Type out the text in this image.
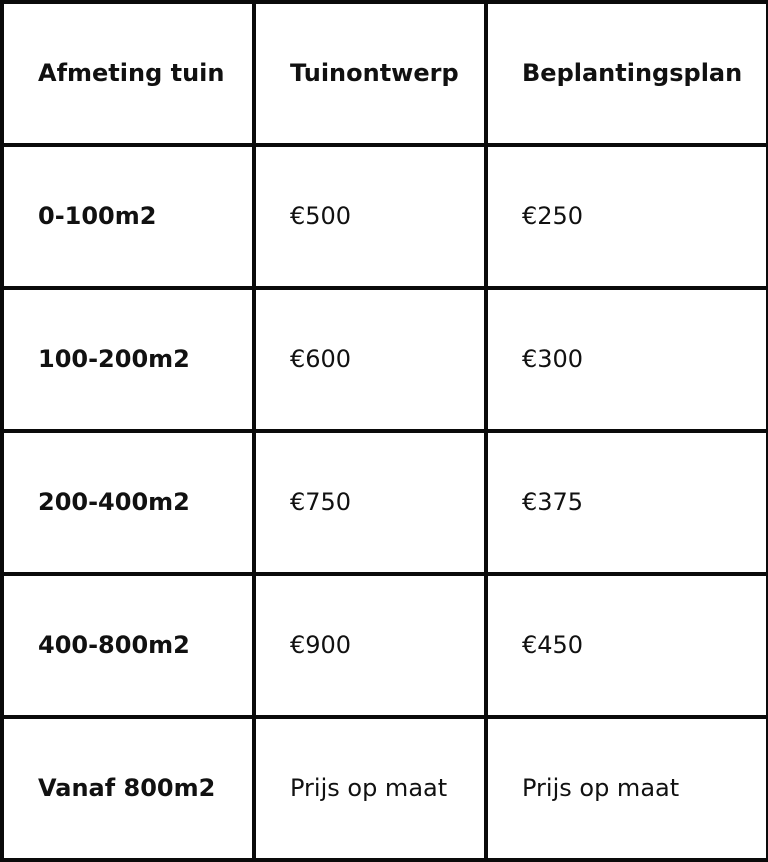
Afmeting tuin	Tuinontwerp	Beplantingsplan
0-100m2	€500	€250
100-200m2	€600	€300
200-400m2	€750	€375
400-800m2	€900	€450
Vanaf 800m2	Prijs op maat	Prijs op maat
